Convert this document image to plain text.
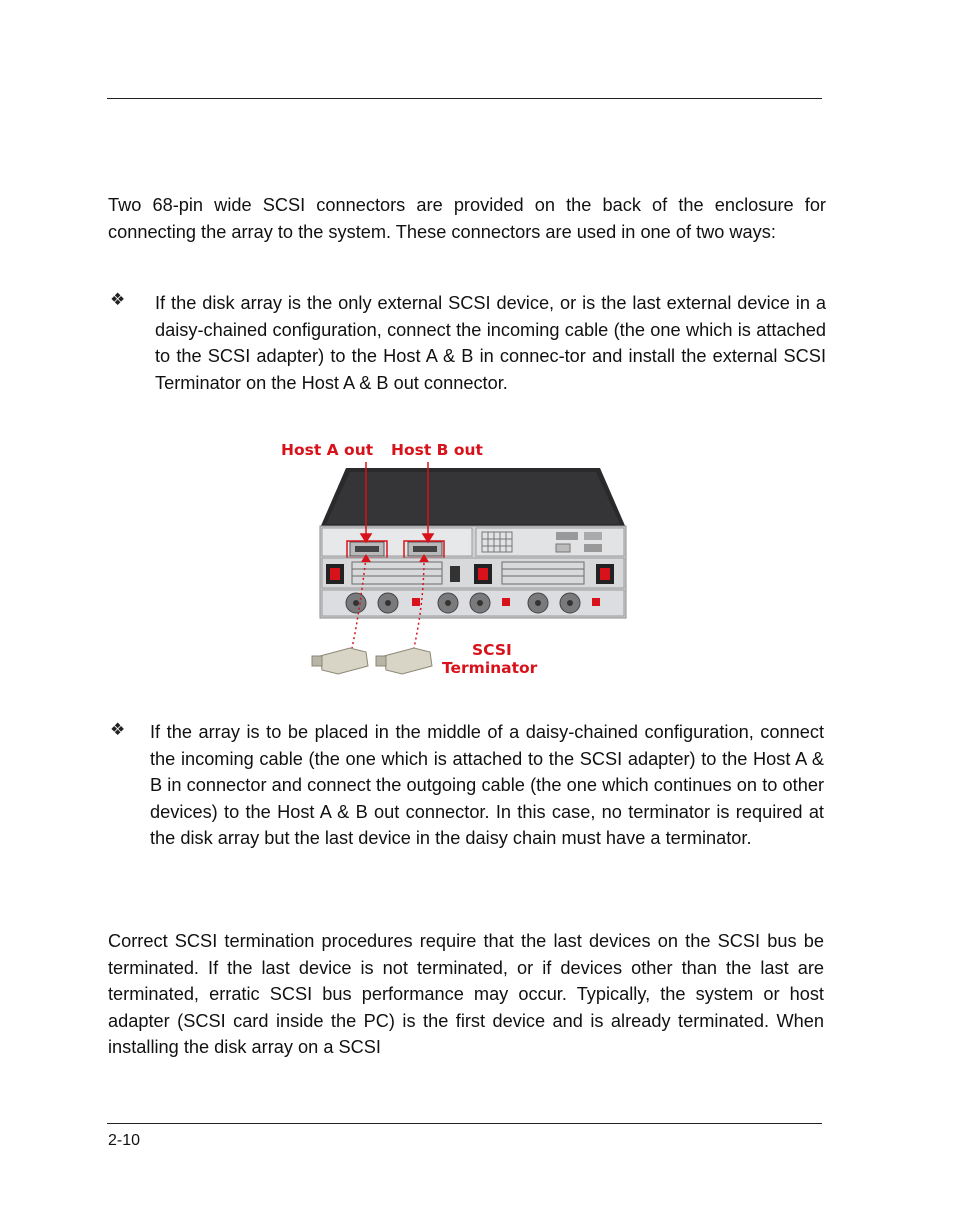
Two 68-pin wide SCSI connectors are provided on the back of the enclosure for connecting the array to the system. These connectors are used in one of two ways:

❖ If the disk array is the only external SCSI device, or is the last external device in a daisy-chained configuration, connect the incoming cable (the one which is attached to the SCSI adapter) to the Host A & B in connec-tor and install the external SCSI Terminator on the Host A & B out connector.

Host A out Host B out
SCSI
Terminator
❖ If the array is to be placed in the middle of a daisy-chained configuration, connect the incoming cable (the one which is attached to the SCSI adapter) to the Host A & B in connector and connect the outgoing cable (the one which continues on to other devices) to the Host A & B out connector. In this case, no terminator is required at the disk array but the last device in the daisy chain must have a terminator.

Correct SCSI termination procedures require that the last devices on the SCSI bus be terminated. If the last device is not terminated, or if devices other than the last are terminated, erratic SCSI bus performance may occur. Typically, the system or host adapter (SCSI card inside the PC) is the first device and is already terminated. When installing the disk array on a SCSI

2-10
